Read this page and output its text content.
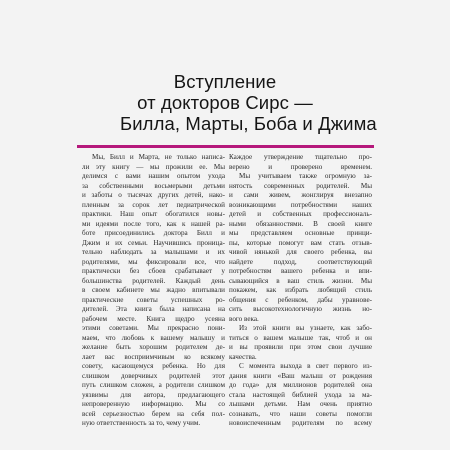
Вступление
от докторов Сирс —
Билла, Марты, Боба и Джима
Мы, Билл и Марта, не только написа-
ли эту книгу — мы прожили ее. Мы
делимся с вами нашим опытом ухода
за собственными восьмерыми детьми
и заботы о тысячах других детей, нако-
пленным за сорок лет педиатрической
практики. Наш опыт обогатился новы-
ми идеями после того, как к нашей ра-
боте присоединились доктора Билл и
Джим и их семьи. Научившись проница-
тельно наблюдать за малышами и их
родителями, мы фиксировали все, что
практически без сбоев срабатывает у
большинства родителей. Каждый день
в своем кабинете мы жадно впитывали
практические советы успешных ро-
дителей. Эта книга была написана на
рабочем месте. Книга щедро усеяна
этими советами. Мы прекрасно пони-
маем, что любовь к вашему малышу и
желание быть хорошим родителем де-
лает вас восприимчивым ко всякому
совету, касающемуся ребенка. Но для
слишком доверчивых родителей этот
путь слишком сложен, а родители слишком
уязвимы для автора, предлагающего
непроверенную информацию. Мы со
всей серьезностью берем на себя пол-
ную ответственность за то, чему учим.
Каждое утверждение тщательно про-
верено и проверено временем.
Мы учитываем также огромную за-
нятость современных родителей. Мы
и сами живем, жонглируя внезапно
возникающими потребностями наших
детей и собственных профессиональ-
ными обязанностями. В своей книге
мы представляем основные принци-
пы, которые помогут вам стать отзыв-
чивой нянькой для своего ребенка, вы
найдете подход, соответствующий
потребностям вашего ребенка и впи-
сывающийся в ваш стиль жизни. Мы
покажем, как избрать любящий стиль
общения с ребенком, дабы уравнове-
сить высокотехнологичную жизнь но-
вого века.
Из этой книги вы узнаете, как забо-
титься о вашем малыше так, чтоб и он
и вы проявили при этом свои лучшие
качества.
С момента выхода в свет первого из-
дания книги «Ваш малыш от рождения
до года» для миллионов родителей она
стала настоящей библией ухода за ма-
лышами детьми. Нам очень приятно
сознавать, что наши советы помогли
новоиспеченным родителям по всему
